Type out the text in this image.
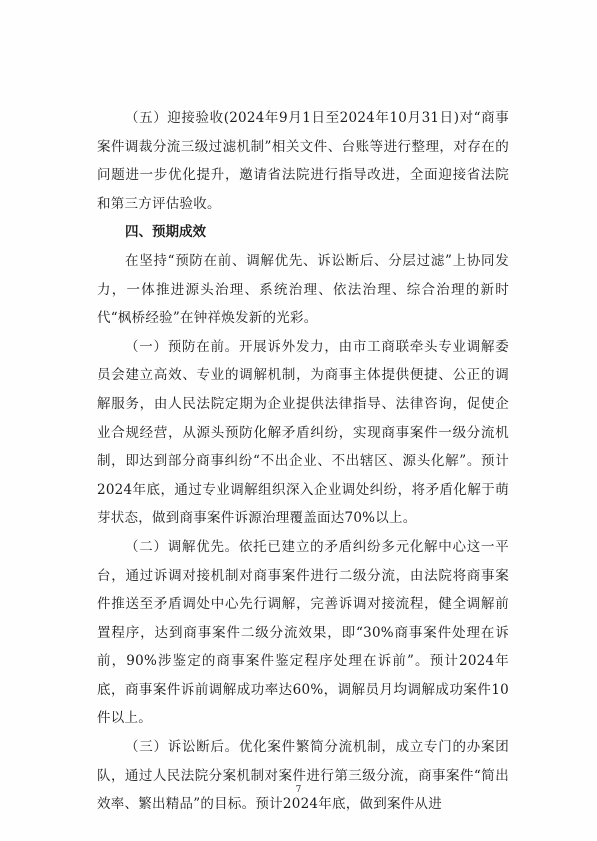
（五）迎接验收(2024年9月1日至2024年10月31日)对“商事案件调裁分流三级过滤机制”相关文件、台账等进行整理，对存在的问题进一步优化提升，邀请省法院进行指导改进，全面迎接省法院和第三方评估验收。

四、预期成效

在坚持“预防在前、调解优先、诉讼断后、分层过滤”上协同发力，一体推进源头治理、系统治理、依法治理、综合治理的新时代“枫桥经验”在钟祥焕发新的光彩。

（一）预防在前。开展诉外发力，由市工商联牵头专业调解委员会建立高效、专业的调解机制，为商事主体提供便捷、公正的调解服务，由人民法院定期为企业提供法律指导、法律咨询，促使企业合规经营，从源头预防化解矛盾纠纷，实现商事案件一级分流机制，即达到部分商事纠纷“不出企业、不出辖区、源头化解”。预计2024年底，通过专业调解组织深入企业调处纠纷，将矛盾化解于萌芽状态，做到商事案件诉源治理覆盖面达70%以上。

（二）调解优先。依托已建立的矛盾纠纷多元化解中心这一平台，通过诉调对接机制对商事案件进行二级分流，由法院将商事案件推送至矛盾调处中心先行调解，完善诉调对接流程，健全调解前置程序，达到商事案件二级分流效果，即“30%商事案件处理在诉前，90%涉鉴定的商事案件鉴定程序处理在诉前”。预计2024年底，商事案件诉前调解成功率达60%，调解员月均调解成功案件10件以上。

（三）诉讼断后。优化案件繁简分流机制，成立专门的办案团队，通过人民法院分案机制对案件进行第三级分流，商事案件“简出效率、繁出精品”的目标。预计2024年底，做到案件从进

7
